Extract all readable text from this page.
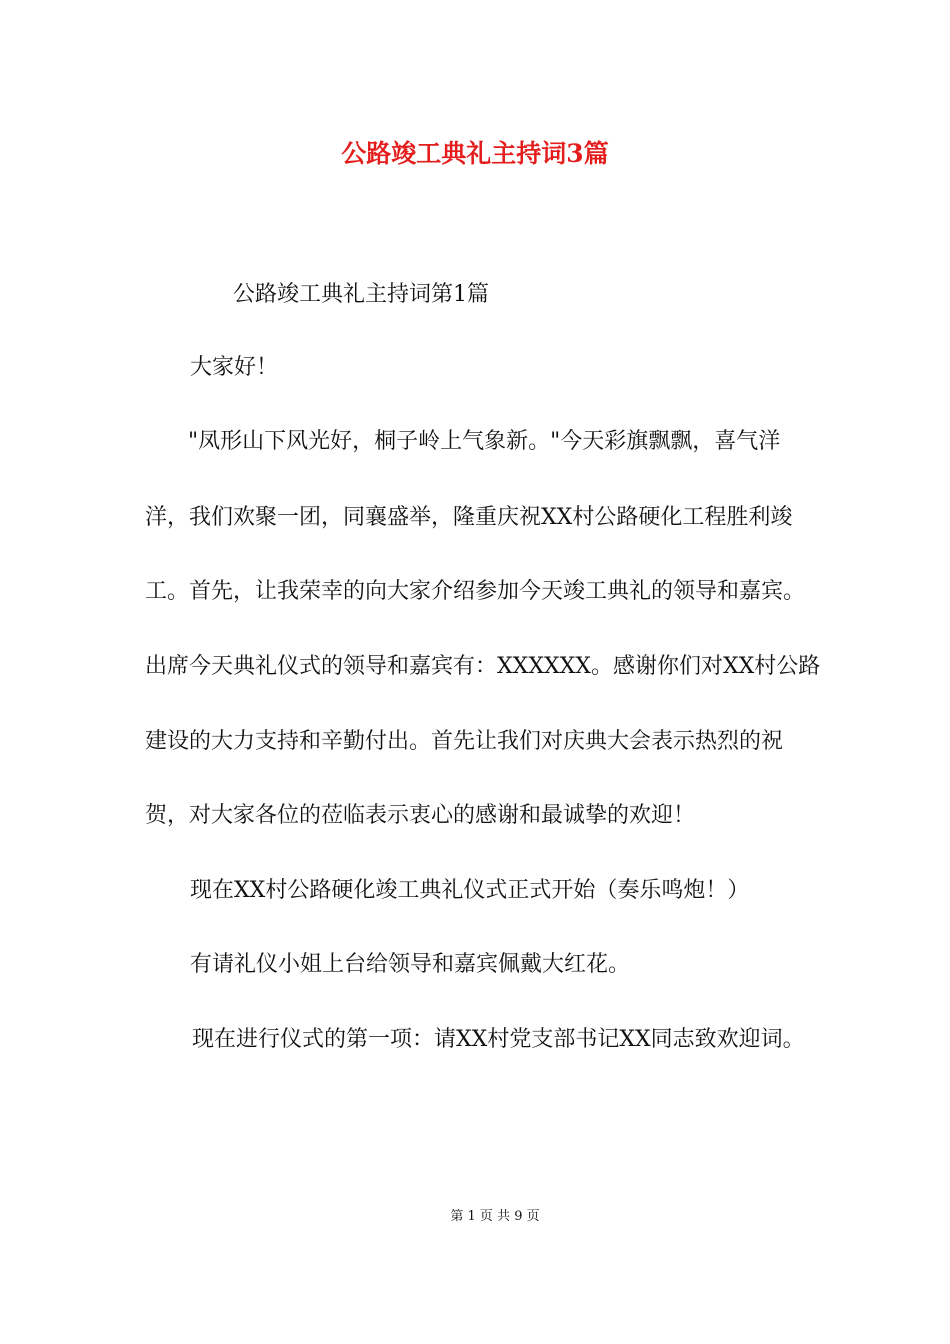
公路竣工典礼主持词3篇

公路竣工典礼主持词第1篇

大家好！

"凤形山下风光好，桐子岭上气象新。"今天彩旗飘飘，喜气洋

洋，我们欢聚一团，同襄盛举，隆重庆祝XX村公路硬化工程胜利竣

工。首先，让我荣幸的向大家介绍参加今天竣工典礼的领导和嘉宾。

出席今天典礼仪式的领导和嘉宾有：XXXXXX。感谢你们对XX村公路

建设的大力支持和辛勤付出。首先让我们对庆典大会表示热烈的祝

贺，对大家各位的莅临表示衷心的感谢和最诚挚的欢迎！

现在XX村公路硬化竣工典礼仪式正式开始（奏乐鸣炮！）

有请礼仪小姐上台给领导和嘉宾佩戴大红花。

现在进行仪式的第一项：请XX村党支部书记XX同志致欢迎词。

第 1 页 共 9 页
